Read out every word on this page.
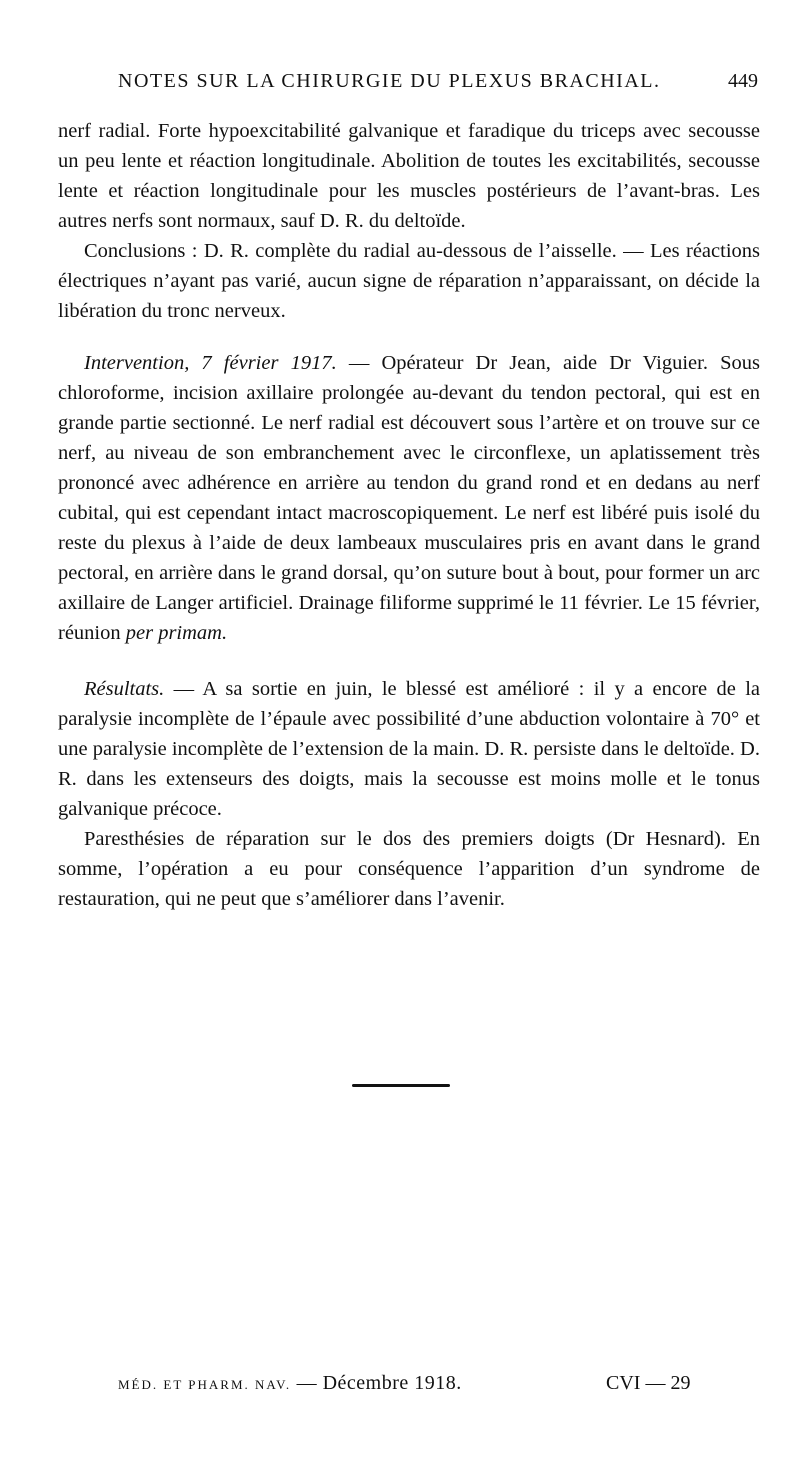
NOTES SUR LA CHIRURGIE DU PLEXUS BRACHIAL.	449

nerf radial. Forte hypoexcitabilité galvanique et faradique du triceps avec secousse un peu lente et réaction longitudinale. Abolition de toutes les excitabilités, secousse lente et réaction longitudinale pour les muscles postérieurs de l’avant-bras. Les autres nerfs sont normaux, sauf D. R. du deltoïde.

Conclusions : D. R. complète du radial au-dessous de l’aisselle. — Les réactions électriques n’ayant pas varié, aucun signe de réparation n’apparaissant, on décide la libération du tronc nerveux.

Intervention, 7 février 1917. — Opérateur Dr Jean, aide Dr Viguier. Sous chloroforme, incision axillaire prolongée au-devant du tendon pectoral, qui est en grande partie sectionné. Le nerf radial est découvert sous l’artère et on trouve sur ce nerf, au niveau de son embranchement avec le circonflexe, un aplatissement très prononcé avec adhérence en arrière au tendon du grand rond et en dedans au nerf cubital, qui est cependant intact macroscopiquement. Le nerf est libéré puis isolé du reste du plexus à l’aide de deux lambeaux musculaires pris en avant dans le grand pectoral, en arrière dans le grand dorsal, qu’on suture bout à bout, pour former un arc axillaire de Langer artificiel. Drainage filiforme supprimé le 11 février. Le 15 février, réunion per primam.

Résultats. — A sa sortie en juin, le blessé est amélioré : il y a encore de la paralysie incomplète de l’épaule avec possibilité d’une abduction volontaire à 70° et une paralysie incomplète de l’extension de la main. D. R. persiste dans le deltoïde. D. R. dans les extenseurs des doigts, mais la secousse est moins molle et le tonus galvanique précoce.

Paresthésies de réparation sur le dos des premiers doigts (Dr Hesnard). En somme, l’opération a eu pour conséquence l’apparition d’un syndrome de restauration, qui ne peut que s’améliorer dans l’avenir.

MÉD. ET PHARM. NAV. — Décembre 1918.	CVI — 29
